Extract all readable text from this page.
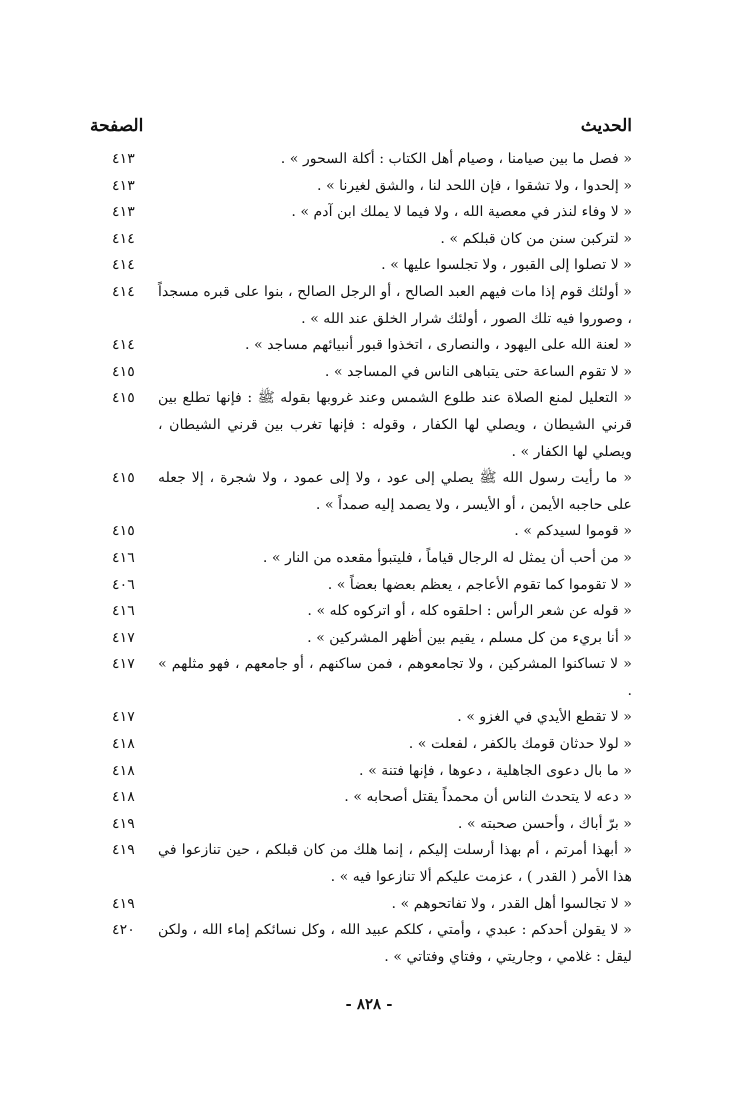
الحديث
الصفحة
« فصل ما بين صيامنا ، وصيام أهل الكتاب : أكلة السحور » .
٤١٣
« إلحدوا ، ولا تشقوا ، فإن اللحد لنا ، والشق لغيرنا » .
٤١٣
« لا وفاء لنذر في معصية الله ، ولا فيما لا يملك ابن آدم » .
٤١٣
« لتركبن سنن من كان قبلكم » .
٤١٤
« لا تصلوا إلى القبور ، ولا تجلسوا عليها » .
٤١٤
« أولئك قوم إذا مات فيهم العبد الصالح ، أو الرجل الصالح ، بنوا على قبره مسجداً ، وصوروا فيه تلك الصور ، أولئك شرار الخلق عند الله » .
٤١٤
« لعنة الله على اليهود ، والنصارى ، اتخذوا قبور أنبيائهم مساجد » .
٤١٤
« لا تقوم الساعة حتى يتباهى الناس في المساجد » .
٤١٥
« التعليل لمنع الصلاة عند طلوع الشمس وعند غروبها بقوله ﷺ : فإنها تطلع بين قرني الشيطان ، ويصلي لها الكفار ، وقوله : فإنها تغرب بين قرني الشيطان ، ويصلي لها الكفار » .
٤١٥
« ما رأيت رسول الله ﷺ يصلي إلى عود ، ولا إلى عمود ، ولا شجرة ، إلا جعله على حاجبه الأيمن ، أو الأيسر ، ولا يصمد إليه صمداً » .
٤١٥
« قوموا لسيدكم » .
٤١٥
« من أحب أن يمثل له الرجال قياماً ، فليتبوأ مقعده من النار » .
٤١٦
« لا تقوموا كما تقوم الأعاجم ، يعظم بعضها بعضاً » .
٤٠٦
« قوله عن شعر الرأس : احلقوه كله ، أو اتركوه كله » .
٤١٦
« أنا بريء من كل مسلم ، يقيم بين أظهر المشركين » .
٤١٧
« لا تساكنوا المشركين ، ولا تجامعوهم ، فمن ساكنهم ، أو جامعهم ، فهو مثلهم » .
٤١٧
« لا تقطع الأيدي في الغزو » .
٤١٧
« لولا حدثان قومك بالكفر ، لفعلت » .
٤١٨
« ما بال دعوى الجاهلية ، دعوها ، فإنها فتنة » .
٤١٨
« دعه لا يتحدث الناس أن محمداً يقتل أصحابه » .
٤١٨
« برّ أباك ، وأحسن صحبته » .
٤١٩
« أبهذا أمرتم ، أم بهذا أرسلت إليكم ، إنما هلك من كان قبلكم ، حين تنازعوا في هذا الأمر ( القدر ) ، عزمت عليكم ألا تنازعوا فيه » .
٤١٩
« لا تجالسوا أهل القدر ، ولا تفاتحوهم » .
٤١٩
« لا يقولن أحدكم : عبدي ، وأمتي ، كلكم عبيد الله ، وكل نسائكم إماء الله ، ولكن ليقل : غلامي ، وجاريتي ، وفتاي وفتاتي » .
٤٢٠
- ٨٢٨ -
